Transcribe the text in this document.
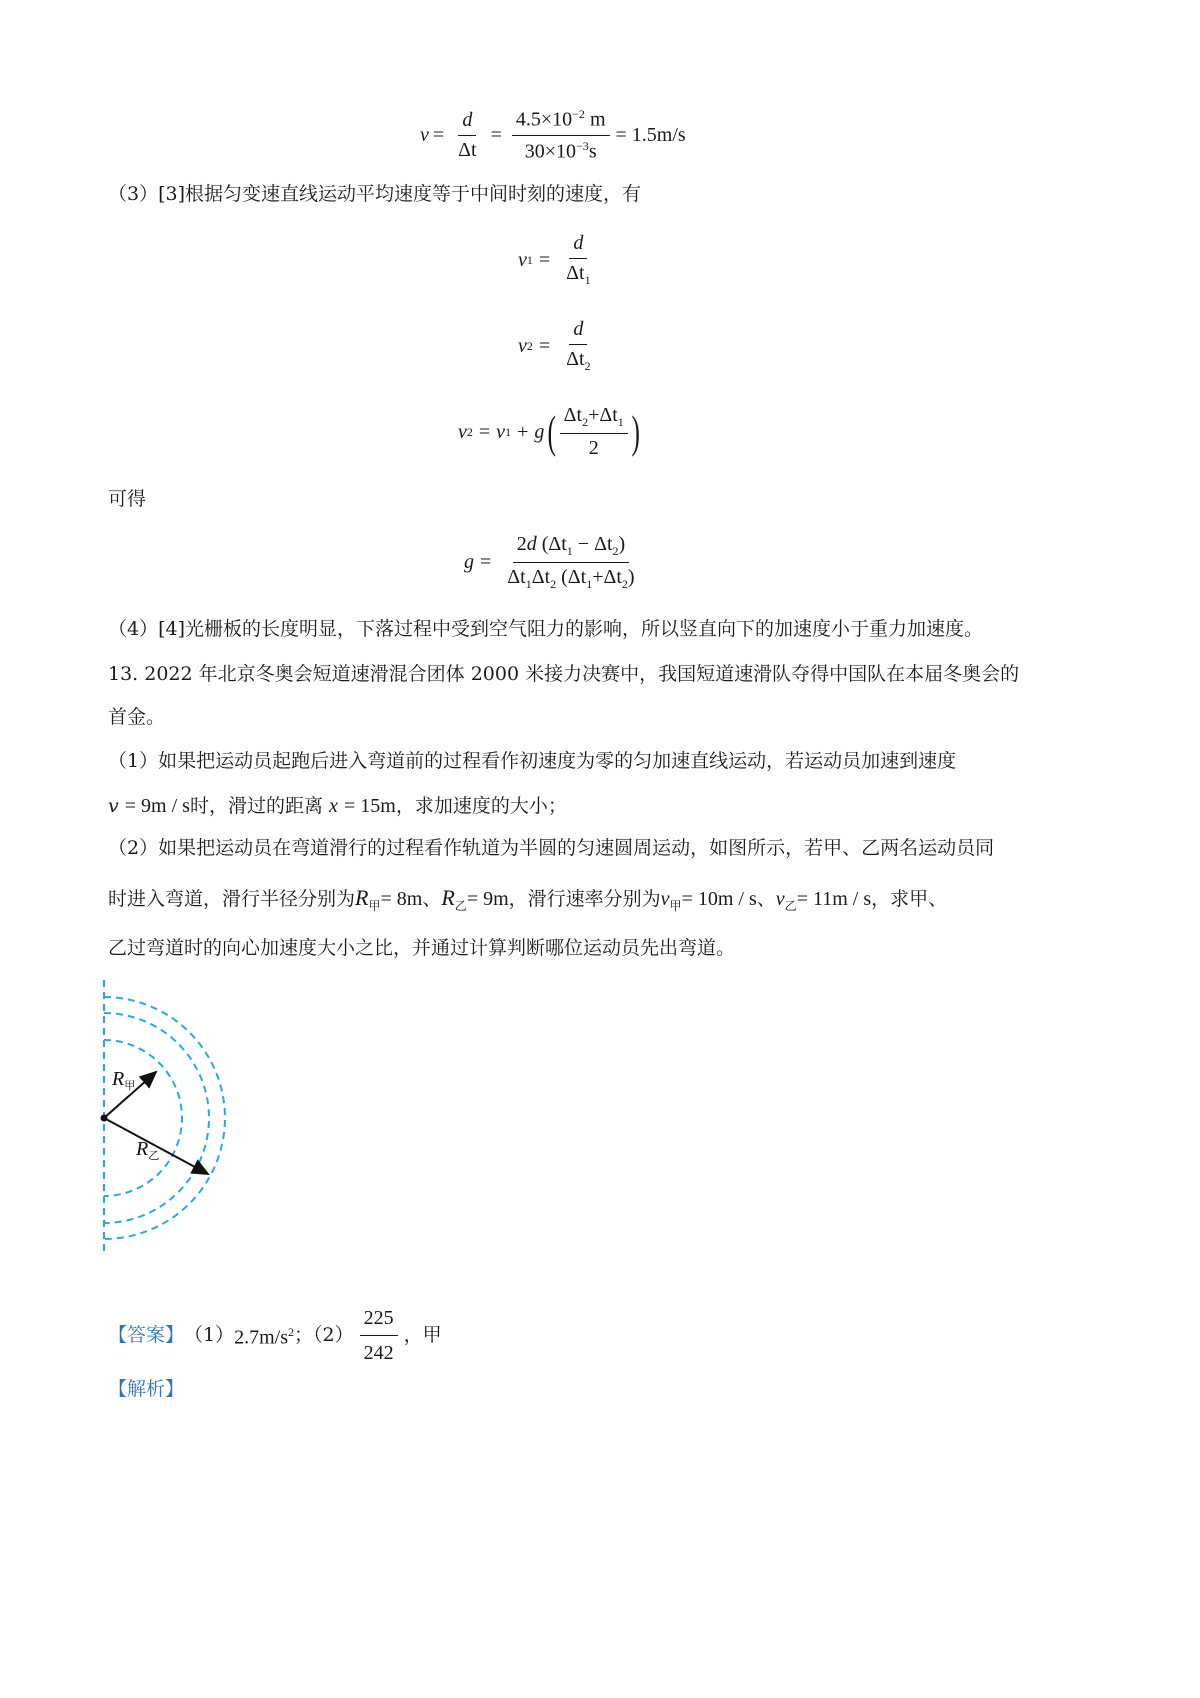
$v = \frac{d}{\Delta t} = \frac{4.5\times 10^{-2} m}{30\times 10^{-3}s} = 1.5m/s$
（3）[3]根据匀变速直线运动平均速度等于中间时刻的速度，有
v $1 = \frac{d}{\Delta t_1}$
v $2 = \frac{d}{\Delta t_2}$
v 2 = v 1 + g ( $\frac{\Delta t_2+\Delta t_1}{2}$ )
可得
$g = \frac{2d (\Delta t_1 - \Delta t_2)}{\Delta t_1\Delta t_2 (\Delta t_1+\Delta t_2)}$
（4）[4]光栅板的长度明显，下落过程中受到空气阻力的影响，所以竖直向下的加速度小于重力加速度。
13. 2022 年北京冬奥会短道速滑混合团体 2000 米接力决赛中，我国短道速滑队夺得中国队在本届冬奥会的
首金。
（1）如果把运动员起跑后进入弯道前的过程看作初速度为零的匀加速直线运动，若运动员加速到速度
v = 9m / s时，滑过的距离 x = 15m，求加速度的大小；
（2）如果把运动员在弯道滑行的过程看作轨道为半圆的匀速圆周运动，如图所示，若甲、乙两名运动员同
时进入弯道，滑行半径分别为$R_甲= 8m$、$R_乙= 9m$，滑行速率分别为$v_甲= 10m / s$、$v_乙= 11m / s$，求甲、
乙过弯道时的向心加速度大小之比，并通过计算判断哪位运动员先出弯道。
$R_甲$
$R_乙$
【答案】 （1） $2.7m/s^2$ ；$(2) \frac{225}{242}$ ，甲
【解析】
